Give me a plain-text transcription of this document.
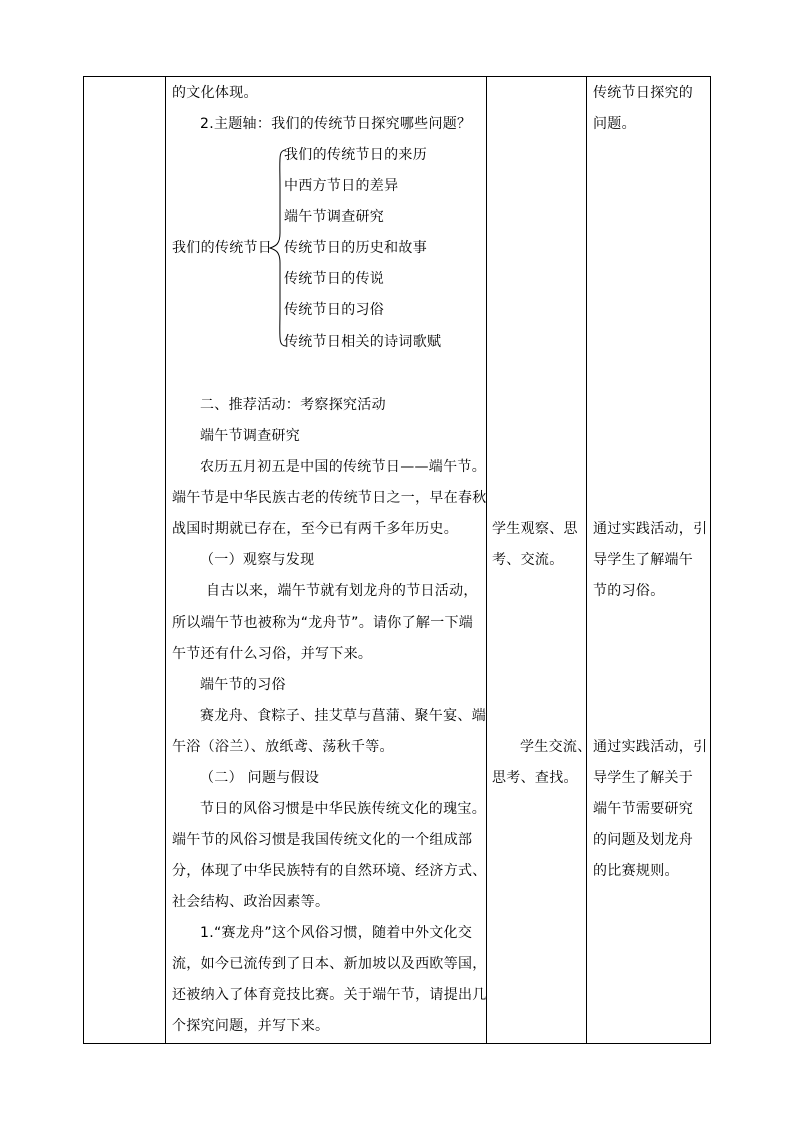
的文化体现。
2.主题轴：我们的传统节日探究哪些问题？
我们的传统节日
我们的传统节日的来历
中西方节日的差异
端午节调查研究
传统节日的历史和故事
传统节日的传说
传统节日的习俗
传统节日相关的诗词歌赋
二、推荐活动：考察探究活动
端午节调查研究
农历五月初五是中国的传统节日——端午节。
端午节是中华民族古老的传统节日之一，早在春秋
战国时期就已存在，至今已有两千多年历史。
（一）观察与发现
自古以来，端午节就有划龙舟的节日活动，
所以端午节也被称为“龙舟节”。请你了解一下端
午节还有什么习俗，并写下来。
端午节的习俗
赛龙舟、食粽子、挂艾草与菖蒲、聚午宴、端
午浴（浴兰）、放纸鸢、荡秋千等。
（二） 问题与假设
节日的风俗习惯是中华民族传统文化的瑰宝。
端午节的风俗习惯是我国传统文化的一个组成部
分，体现了中华民族特有的自然环境、经济方式、
社会结构、政治因素等。
1.“赛龙舟”这个风俗习惯，随着中外文化交
流，如今已流传到了日本、新加坡以及西欧等国，
还被纳入了体育竞技比赛。关于端午节，请提出几
个探究问题，并写下来。
学生观察、思
考、交流。
学生交流、
思考、查找。
传统节日探究的
问题。
通过实践活动，引
导学生了解端午
节的习俗。
通过实践活动，引
导学生了解关于
端午节需要研究
的问题及划龙舟
的比赛规则。
